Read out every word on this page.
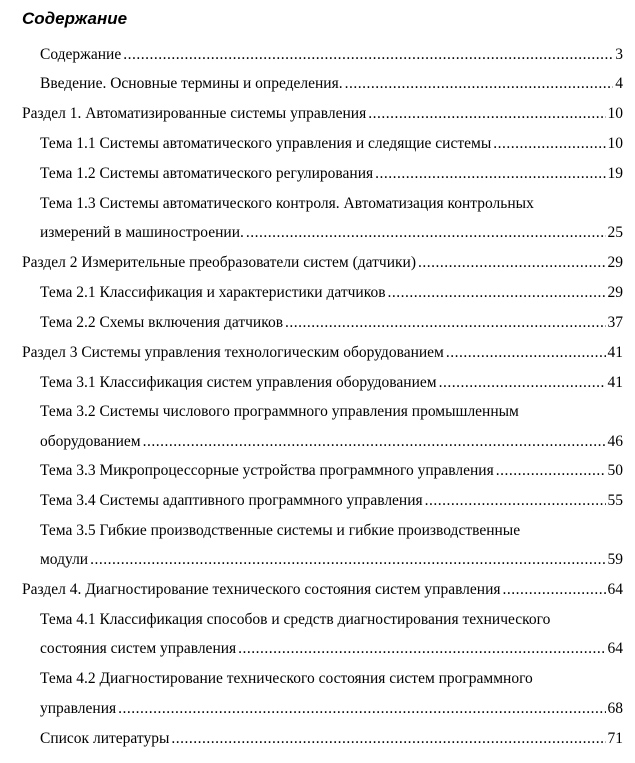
Содержание
Содержание .....	3
Введение. Основные термины и определения. .....	4
Раздел 1. Автоматизированные системы управления .....	10
Тема 1.1 Системы автоматического управления и следящие системы .....	10
Тема 1.2 Системы автоматического регулирования .....	19
Тема 1.3 Системы автоматического контроля. Автоматизация контрольных
измерений в машиностроении. .....	25
Раздел 2 Измерительные преобразователи систем (датчики) .....	29
Тема 2.1 Классификация и характеристики датчиков .....	29
Тема 2.2 Схемы включения датчиков .....	37
Раздел 3 Системы управления технологическим оборудованием .....	41
Тема 3.1 Классификация систем управления оборудованием .....	41
Тема 3.2 Системы числового программного управления промышленным
оборудованием .....	46
Тема 3.3 Микропроцессорные устройства программного управления .....	50
Тема 3.4 Системы адаптивного программного управления .....	55
Тема 3.5 Гибкие производственные системы и гибкие производственные
модули .....	59
Раздел 4. Диагностирование технического состояния систем управления .....	64
Тема 4.1 Классификация способов и средств диагностирования технического
состояния систем управления .....	64
Тема 4.2 Диагностирование технического состояния систем программного
управления .....	68
Список литературы .....	71
